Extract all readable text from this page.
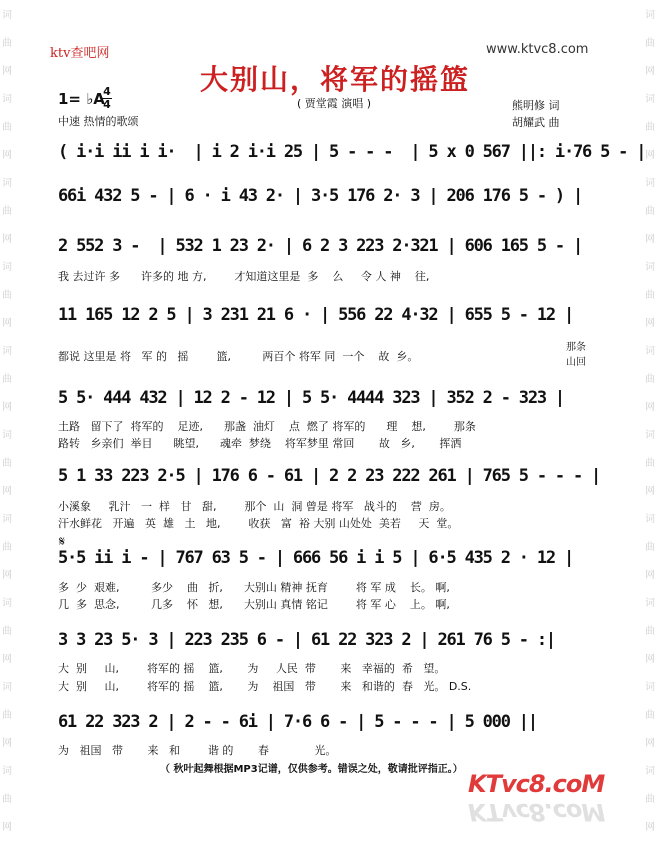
词
曲
网
词
曲
网
词
曲
网
词
曲
网
词
曲
网
词
曲
网
词
曲
网
词
曲
网
词
曲
网
词
曲
网
词
曲
网
词
曲
网
词
曲
网
词
曲
网
词
曲
网
词
曲
网
词
曲
网
词
曲
网
词
曲
网
词
曲
网
ktv查吧网	www.ktvc8.com
大别山，将军的摇篮
1= ♭A
4
4	( 贾堂霞 演唱 )	熊明修 词
胡耀武 曲
中速 热情的歌颂
( i·i ii i i·  | i 2 i·i 25 | 5 - - -  | 5 x 0 567 ||: i·76 5 - |
66i 432 5 - | 6 · i 43 2· | 3·5 176 2· 3 | 206 176 5 - ) |
2 552 3 -  | 532 1 23 2· | 6 2 3 223 2·321 | 606 165 5 - |
11 165 12 2 5 | 3 231 21 6 · | 556 22 4·32 | 655 5 - 12 |
5 5· 444 432 | 12 2 - 12 | 5 5· 4444 323 | 352 2 - 323 |
5 1 33 223 2·5 | 176 6 - 61 | 2 2 23 222 261 | 765 5 - - - |
𝄋
5·5 ii i - | 767 63 5 - | 666 56 i i 5 | 6·5 435 2 · 12 |
3 3 23 5· 3 | 223 235 6 - | 61 22 323 2 | 261 76 5 - :|
61 22 323 2 | 2 - - 6i | 7·6 6 - | 5 - - - | 5 000 ||
我 去过许 多      许多的 地 方,        才知道这里是  多    么     令 人 神    往,
都说 这里是 将   军 的   摇        篮,         两百个 将军 同  一个    故  乡。
那条
山回
土路   留下了  将军的    足迹,      那盏  油灯    点  燃了 将军的      理    想,        那条
路转   乡亲们  举目      眺望,      魂牵  梦绕    将军梦里 常回       故   乡,       挥洒
小溪象     乳汁   一  样   甘   甜,        那个  山  洞 曾是 将军   战斗的    营  房。
汗水鲜花   开遍   英  雄   土   地,        收获   富  裕 大别 山处处  美若     天  堂。
多  少  艰难,         多少    曲   折,      大别山 精神 抚育        将 军 成    长。 啊,
几  多  思念,         几多    怀   想,      大别山 真情 铭记        将 军 心    上。 啊,
大  别     山,        将军的 摇    篮,       为     人民  带       来   幸福的  希   望。
大  别     山,        将军的 摇    篮,       为    祖国   带       来   和谐的  春   光。 D.S.
为   祖国   带       来   和        谐 的       春             光。
（ 秋叶起舞根据MP3记谱，仅供参考。错误之处，敬请批评指正。）
KTvc8.coM
KTvc8.coM
